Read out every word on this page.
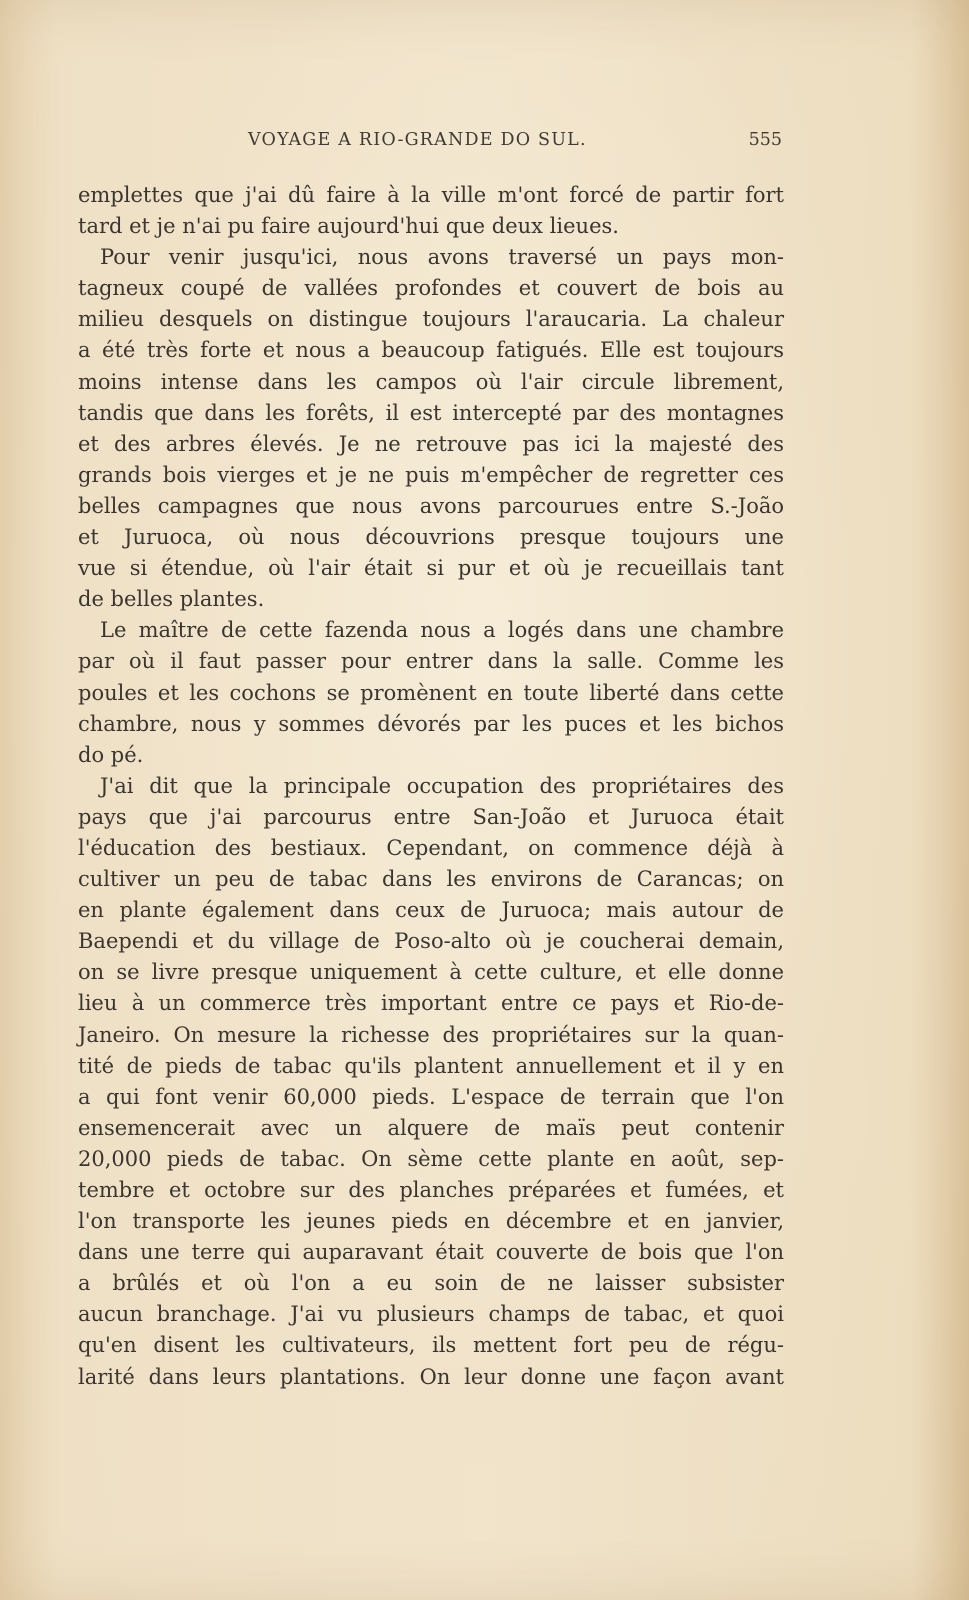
VOYAGE A RIO-GRANDE DO SUL.	555
emplettes que j'ai dû faire à la ville m'ont forcé de partir fort
tard et je n'ai pu faire aujourd'hui que deux lieues.
Pour venir jusqu'ici, nous avons traversé un pays mon-
tagneux coupé de vallées profondes et couvert de bois au
milieu desquels on distingue toujours l'araucaria. La chaleur
a été très forte et nous a beaucoup fatigués. Elle est toujours
moins intense dans les campos où l'air circule librement,
tandis que dans les forêts, il est intercepté par des montagnes
et des arbres élevés. Je ne retrouve pas ici la majesté des
grands bois vierges et je ne puis m'empêcher de regretter ces
belles campagnes que nous avons parcourues entre S.-João
et Juruoca, où nous découvrions presque toujours une
vue si étendue, où l'air était si pur et où je recueillais tant
de belles plantes.
Le maître de cette fazenda nous a logés dans une chambre
par où il faut passer pour entrer dans la salle. Comme les
poules et les cochons se promènent en toute liberté dans cette
chambre, nous y sommes dévorés par les puces et les bichos
do pé.
J'ai dit que la principale occupation des propriétaires des
pays que j'ai parcourus entre San-João et Juruoca était
l'éducation des bestiaux. Cependant, on commence déjà à
cultiver un peu de tabac dans les environs de Carancas; on
en plante également dans ceux de Juruoca; mais autour de
Baependi et du village de Poso-alto où je coucherai demain,
on se livre presque uniquement à cette culture, et elle donne
lieu à un commerce très important entre ce pays et Rio-de-
Janeiro. On mesure la richesse des propriétaires sur la quan-
tité de pieds de tabac qu'ils plantent annuellement et il y en
a qui font venir 60,000 pieds. L'espace de terrain que l'on
ensemencerait avec un alquere de maïs peut contenir
20,000 pieds de tabac. On sème cette plante en août, sep-
tembre et octobre sur des planches préparées et fumées, et
l'on transporte les jeunes pieds en décembre et en janvier,
dans une terre qui auparavant était couverte de bois que l'on
a brûlés et où l'on a eu soin de ne laisser subsister
aucun branchage. J'ai vu plusieurs champs de tabac, et quoi
qu'en disent les cultivateurs, ils mettent fort peu de régu-
larité dans leurs plantations. On leur donne une façon avant
